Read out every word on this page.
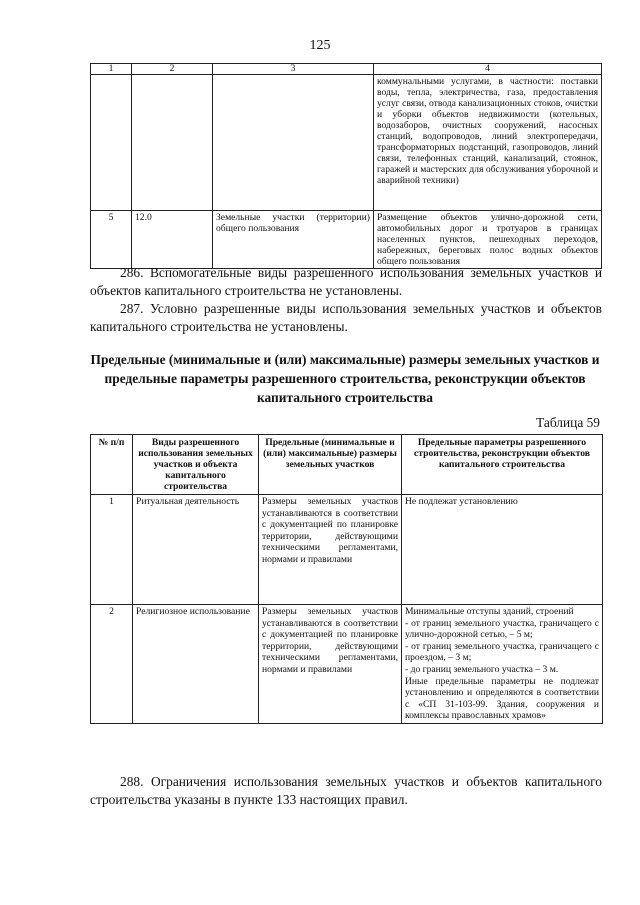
125
1	2	3	4
			коммунальными услугами, в частности: поставки воды, тепла, электричества, газа, предоставления услуг связи, отвода канализационных стоков, очистки и уборки объектов недвижимости (котельных, водозаборов, очистных сооружений, насосных станций, водопроводов, линий электропередачи, трансформаторных подстанций, газопроводов, линий связи, телефонных станций, канализаций, стоянок, гаражей и мастерских для обслуживания уборочной и аварийной техники)
5	12.0	Земельные участки (территории) общего пользования	Размещение объектов улично-дорожной сети, автомобильных дорог и тротуаров в границах населенных пунктов, пешеходных переходов, набережных, береговых полос водных объектов общего пользования
286. Вспомогательные виды разрешенного использования земельных участков и объектов капитального строительства не установлены.
287. Условно разрешенные виды использования земельных участков и объектов капитального строительства не установлены.
Предельные (минимальные и (или) максимальные) размеры земельных участков и предельные параметры разрешенного строительства, реконструкции объектов капитального строительства
Таблица 59
№ п/п	Виды разрешенного использования земельных участков и объекта капитального строительства	Предельные (минимальные и (или) максимальные) размеры земельных участков	Предельные параметры разрешенного строительства, реконструкции объектов капитального строительства
1	Ритуальная деятельность	Размеры земельных участков устанавливаются в соответствии с документацией по планировке территории, действующими техническими регламентами, нормами и правилами	Не подлежат установлению
2	Религиозное использование	Размеры земельных участков устанавливаются в соответствии с документацией по планировке территории, действующими техническими регламентами, нормами и правилами	Минимальные отступы зданий, строений
- от границ земельного участка, граничащего с улично-дорожной сетью, – 5 м;
- от границ земельного участка, граничащего с проездом, – 3 м;
- до границ земельного участка – 3 м.
Иные предельные параметры не подлежат установлению и определяются в соответствии с «СП 31-103-99. Здания, сооружения и комплексы православных храмов»
288. Ограничения использования земельных участков и объектов капитального строительства указаны в пункте 133 настоящих правил.
